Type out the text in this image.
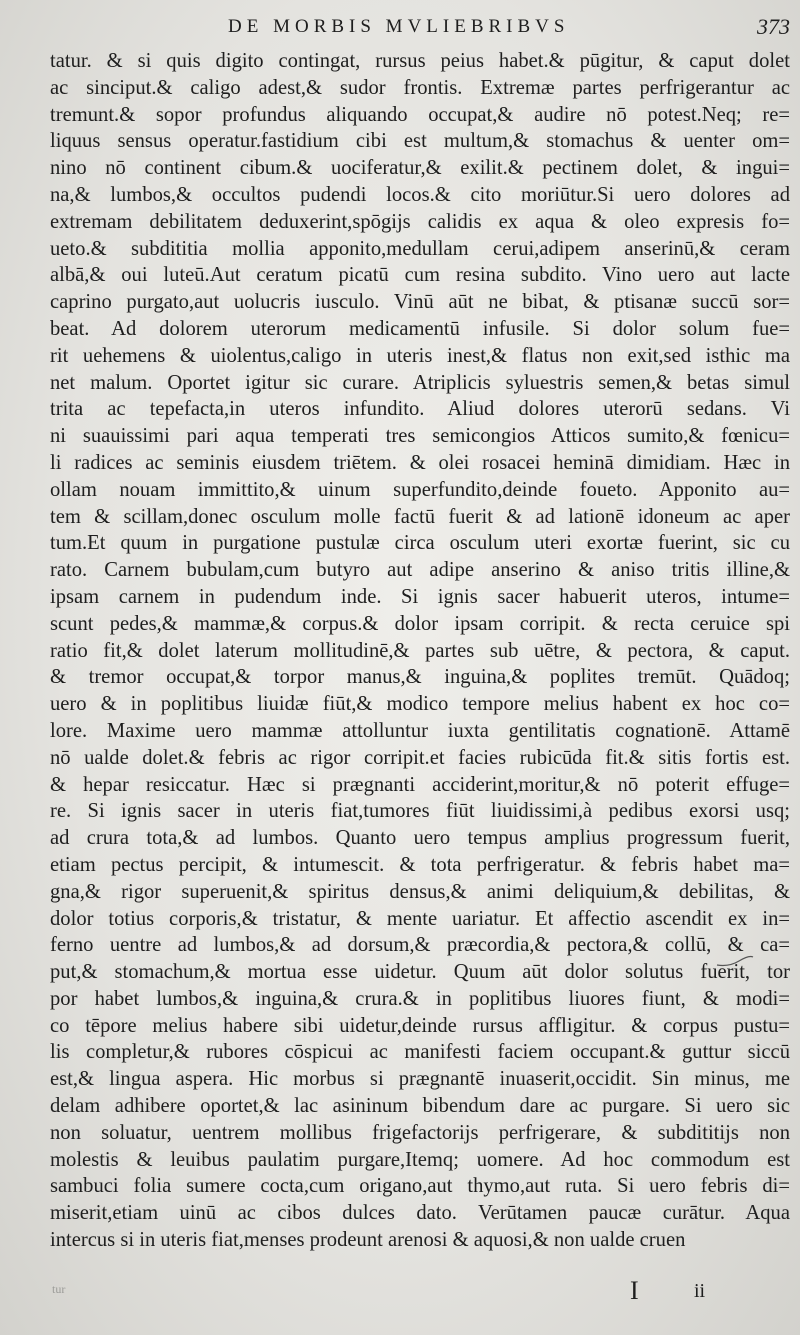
DE MORBIS MVLIEBRIBVS	373
tatur. & si quis digito contingat, rursus peius habet.& pūgitur, & caput dolet
ac sinciput.& caligo adest,& sudor frontis. Extremæ partes perfrigerantur ac
tremunt.& sopor profundus aliquando occupat,& audire nō potest.Neq; re=
liquus sensus operatur.fastidium cibi est multum,& stomachus & uenter om=
nino nō continent cibum.& uociferatur,& exilit.& pectinem dolet, & ingui=
na,& lumbos,& occultos pudendi locos.& cito moriūtur.Si uero dolores ad
extremam debilitatem deduxerint,spōgijs calidis ex aqua & oleo expresis fo=
ueto.& subdititia mollia apponito,medullam cerui,adipem anserinū,& ceram
albā,& oui luteū.Aut ceratum picatū cum resina subdito. Vino uero aut lacte
caprino purgato,aut uolucris iusculo. Vinū aūt ne bibat, & ptisanæ succū sor=
beat. Ad dolorem uterorum medicamentū infusile. Si dolor solum fue=
rit uehemens & uiolentus,caligo in uteris inest,& flatus non exit,sed isthic ma
net malum. Oportet igitur sic curare. Atriplicis syluestris semen,& betas simul
trita ac tepefacta,in uteros infundito. Aliud dolores uterorū sedans. Vi
ni suauissimi pari aqua temperati tres semicongios Atticos sumito,& fœnicu=
li radices ac seminis eiusdem triētem. & olei rosacei heminā dimidiam. Hæc in
ollam nouam immittito,& uinum superfundito,deinde foueto. Apponito au=
tem & scillam,donec osculum molle factū fuerit & ad lationē idoneum ac aper
tum.Et quum in purgatione pustulæ circa osculum uteri exortæ fuerint, sic cu
rato. Carnem bubulam,cum butyro aut adipe anserino & aniso tritis illine,&
ipsam carnem in pudendum inde. Si ignis sacer habuerit uteros, intume=
scunt pedes,& mammæ,& corpus.& dolor ipsam corripit. & recta ceruice spi
ratio fit,& dolet laterum mollitudinē,& partes sub uētre, & pectora, & caput.
& tremor occupat,& torpor manus,& inguina,& poplites tremūt. Quādoq;
uero & in poplitibus liuidæ fiūt,& modico tempore melius habent ex hoc co=
lore. Maxime uero mammæ attolluntur iuxta gentilitatis cognationē. Attamē
nō ualde dolet.& febris ac rigor corripit.et facies rubicūda fit.& sitis fortis est.
& hepar resiccatur. Hæc si prægnanti acciderint,moritur,& nō poterit effuge=
re. Si ignis sacer in uteris fiat,tumores fiūt liuidissimi,à pedibus exorsi usq;
ad crura tota,& ad lumbos. Quanto uero tempus amplius progressum fuerit,
etiam pectus percipit, & intumescit. & tota perfrigeratur. & febris habet ma=
gna,& rigor superuenit,& spiritus densus,& animi deliquium,& debilitas, &
dolor totius corporis,& tristatur, & mente uariatur. Et affectio ascendit ex in=
ferno uentre ad lumbos,& ad dorsum,& præcordia,& pectora,& collū, & ca=
put,& stomachum,& mortua esse uidetur. Quum aūt dolor solutus fuerit, tor
por habet lumbos,& inguina,& crura.& in poplitibus liuores fiunt, & modi=
co tēpore melius habere sibi uidetur,deinde rursus affligitur. & corpus pustu=
lis completur,& rubores cōspicui ac manifesti faciem occupant.& guttur siccū
est,& lingua aspera. Hic morbus si prægnantē inuaserit,occidit. Sin minus, me
delam adhibere oportet,& lac asininum bibendum dare ac purgare. Si uero sic
non soluatur, uentrem mollibus frigefactorijs perfrigerare, & subdititijs non
molestis & leuibus paulatim purgare,Itemq; uomere. Ad hoc commodum est
sambuci folia sumere cocta,cum origano,aut thymo,aut ruta. Si uero febris di=
miserit,etiam uinū ac cibos dulces dato. Verūtamen paucæ curātur. Aqua
intercus si in uteris fiat,menses prodeunt arenosi & aquosi,& non ualde cruen
tur	I	ii
